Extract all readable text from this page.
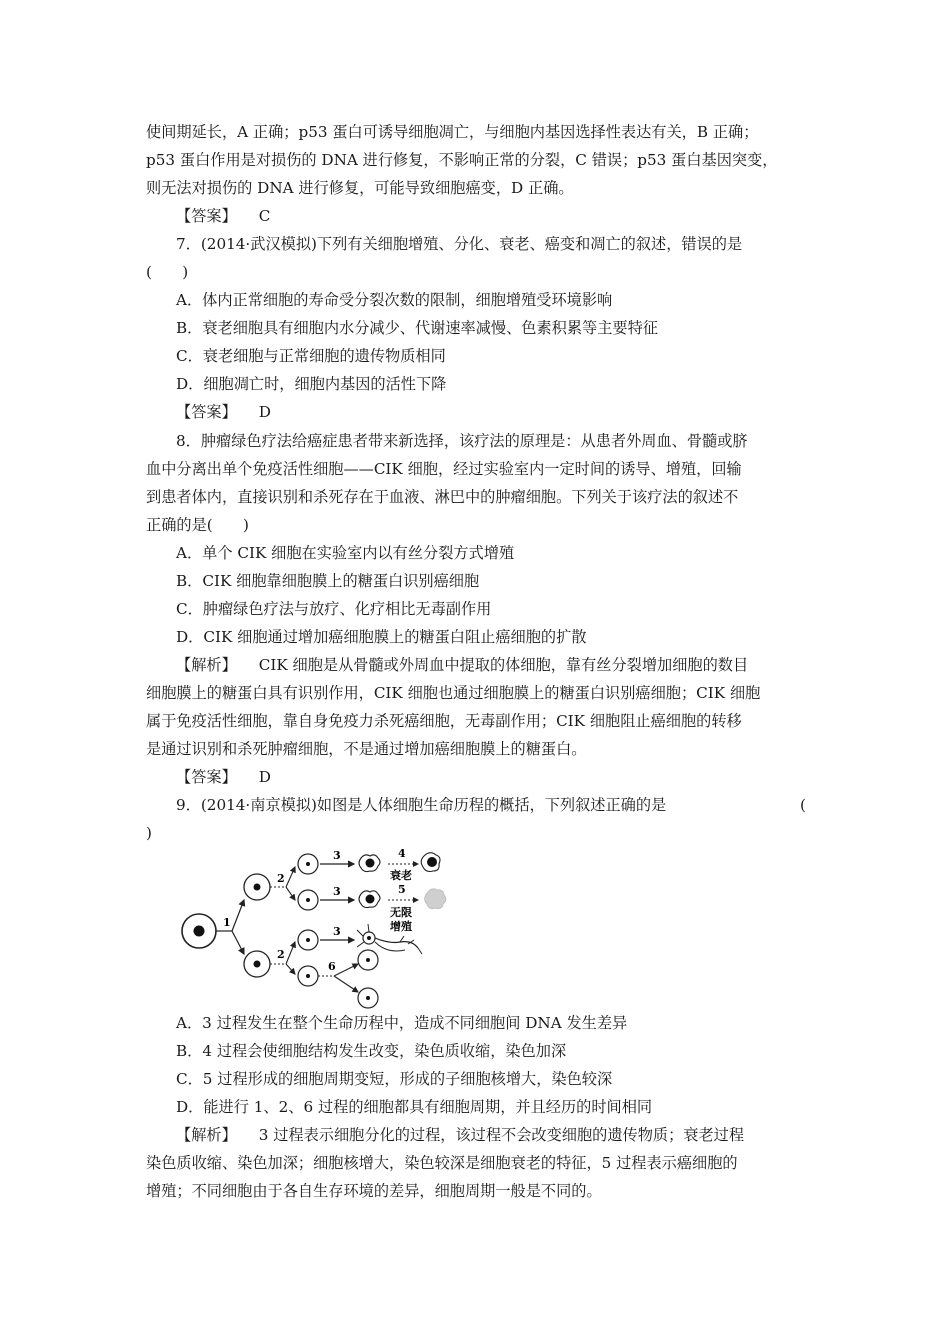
使间期延长，A 正确；p53 蛋白可诱导细胞凋亡，与细胞内基因选择性表达有关，B 正确；
p53 蛋白作用是对损伤的 DNA 进行修复，不影响正常的分裂，C 错误；p53 蛋白基因突变，
则无法对损伤的 DNA 进行修复，可能导致细胞癌变，D 正确。
【答案】 C
7．(2014·武汉模拟)下列有关细胞增殖、分化、衰老、癌变和凋亡的叙述，错误的是
(　　)
A．体内正常细胞的寿命受分裂次数的限制，细胞增殖受环境影响
B．衰老细胞具有细胞内水分减少、代谢速率减慢、色素积累等主要特征
C．衰老细胞与正常细胞的遗传物质相同
D．细胞凋亡时，细胞内基因的活性下降
【答案】 D
8．肿瘤绿色疗法给癌症患者带来新选择，该疗法的原理是：从患者外周血、骨髓或脐
血中分离出单个免疫活性细胞——CIK 细胞，经过实验室内一定时间的诱导、增殖，回输
到患者体内，直接识别和杀死存在于血液、淋巴中的肿瘤细胞。下列关于该疗法的叙述不
正确的是(　　)
A．单个 CIK 细胞在实验室内以有丝分裂方式增殖
B．CIK 细胞靠细胞膜上的糖蛋白识别癌细胞
C．肿瘤绿色疗法与放疗、化疗相比无毒副作用
D．CIK 细胞通过增加癌细胞膜上的糖蛋白阻止癌细胞的扩散
【解析】 CIK 细胞是从骨髓或外周血中提取的体细胞，靠有丝分裂增加细胞的数目
细胞膜上的糖蛋白具有识别作用，CIK 细胞也通过细胞膜上的糖蛋白识别癌细胞；CIK 细胞
属于免疫活性细胞，靠自身免疫力杀死癌细胞，无毒副作用；CIK 细胞阻止癌细胞的转移
是通过识别和杀死肿瘤细胞，不是通过增加癌细胞膜上的糖蛋白。
【答案】 D
9．(2014·南京模拟)如图是人体细胞生命历程的概括，下列叙述正确的是	(
)
1
2
2
3
3
3
4
衰老
5
无限
增殖
6
A．3 过程发生在整个生命历程中，造成不同细胞间 DNA 发生差异
B．4 过程会使细胞结构发生改变，染色质收缩，染色加深
C．5 过程形成的细胞周期变短，形成的子细胞核增大，染色较深
D．能进行 1、2、6 过程的细胞都具有细胞周期，并且经历的时间相同
【解析】 3 过程表示细胞分化的过程，该过程不会改变细胞的遗传物质；衰老过程
染色质收缩、染色加深；细胞核增大，染色较深是细胞衰老的特征，5 过程表示癌细胞的
增殖；不同细胞由于各自生存环境的差异，细胞周期一般是不同的。
